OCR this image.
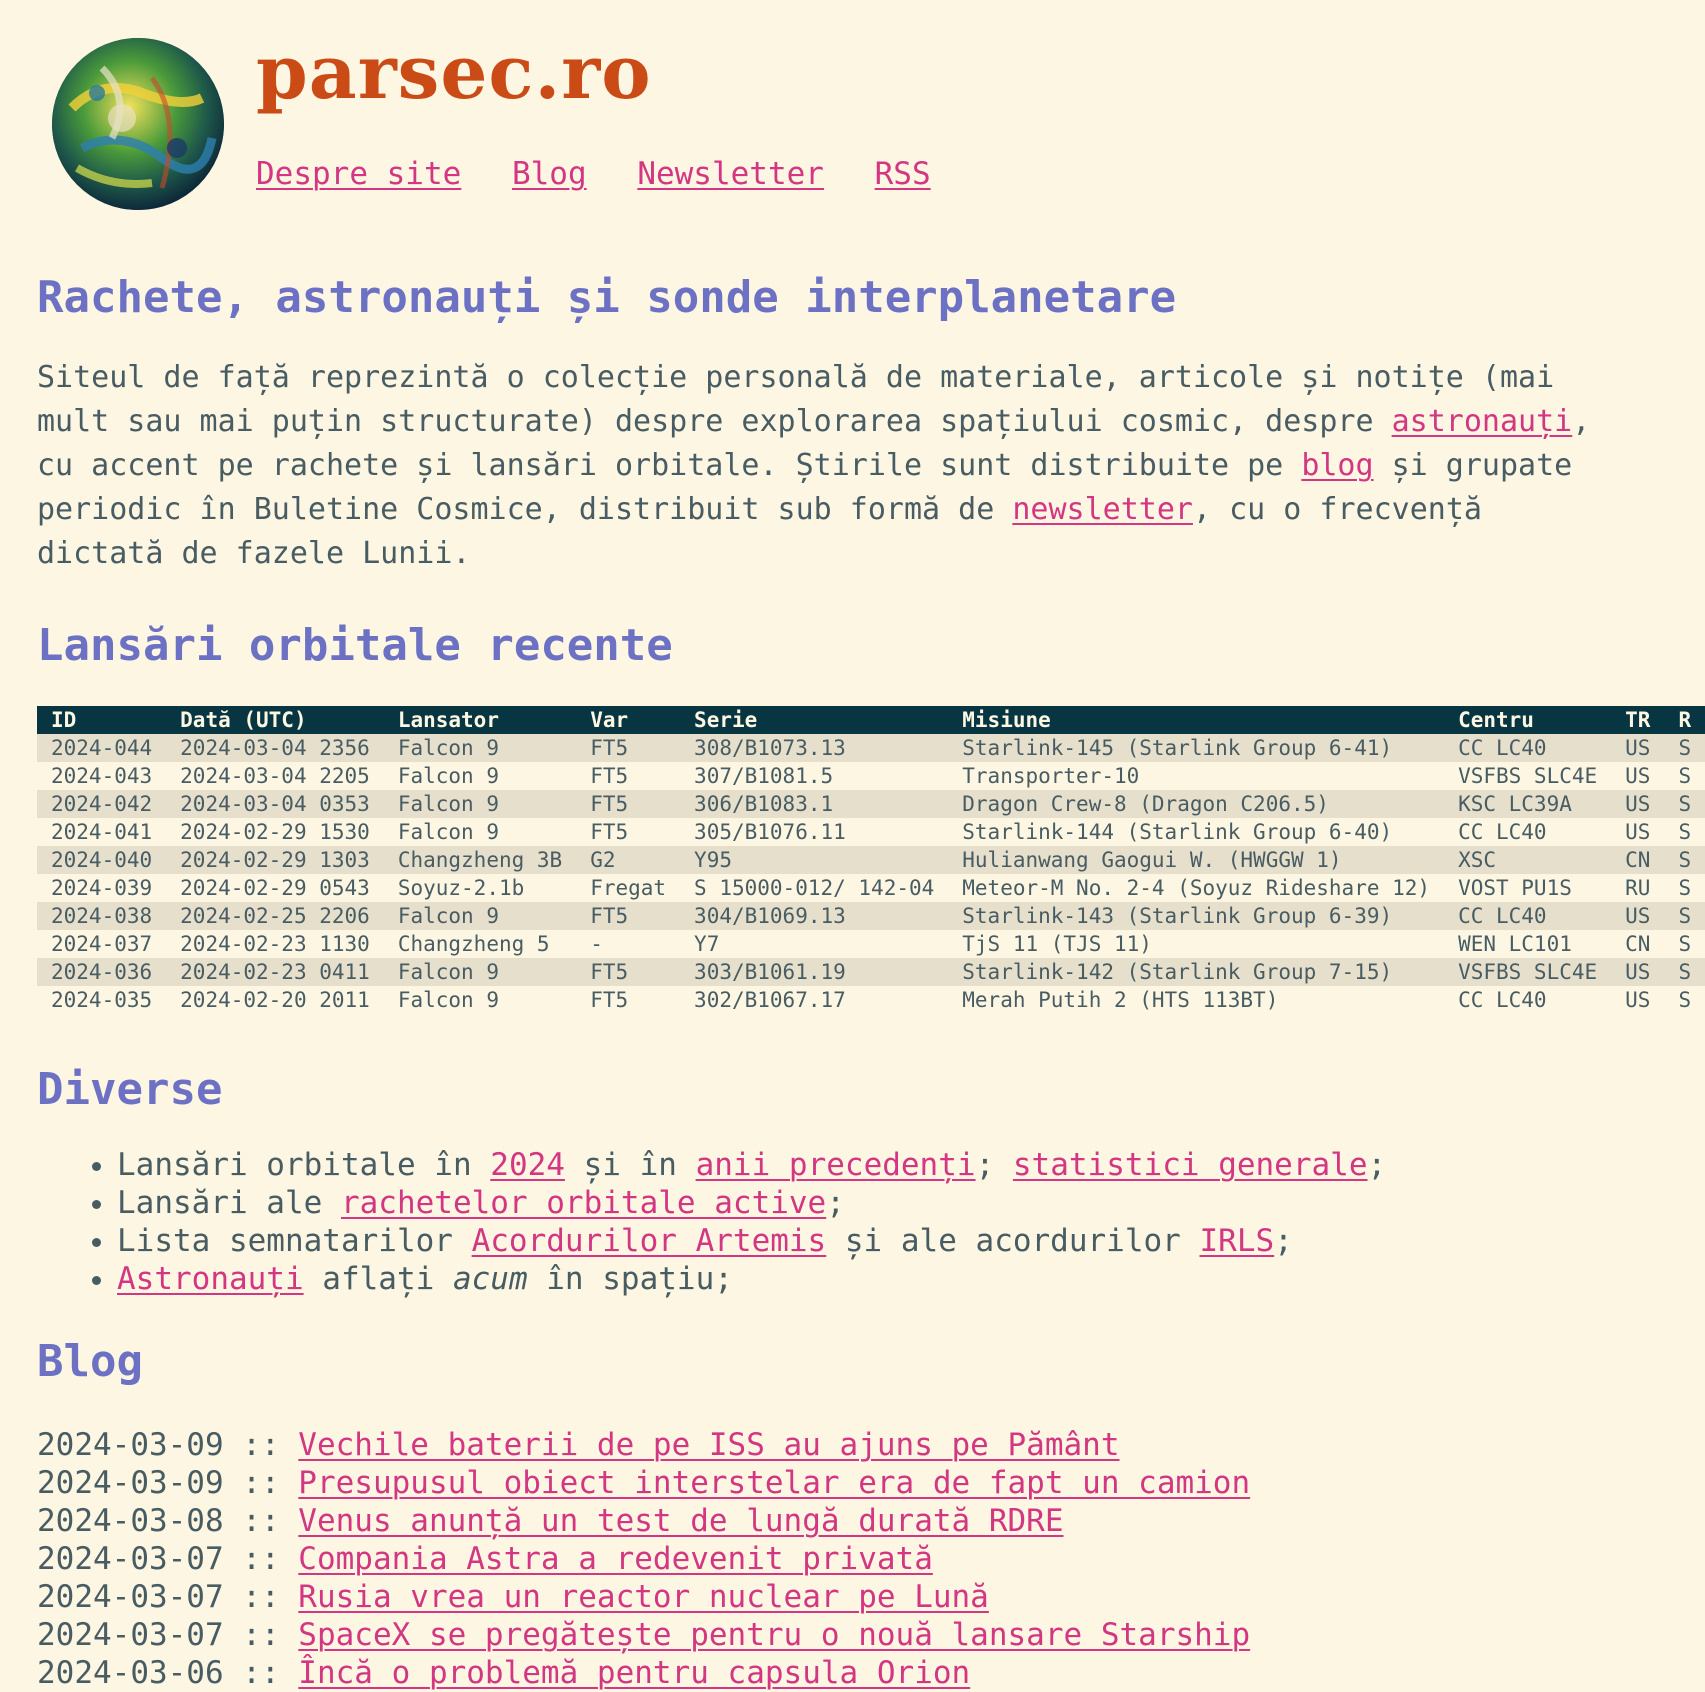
parsec.ro
Despre site Blog Newsletter RSS
Rachete, astronauți și sonde interplanetare

Siteul de față reprezintă o colecție personală de materiale, articole și notițe (mai mult sau mai puțin structurate) despre explorarea spațiului cosmic, despre astronauți, cu accent pe rachete și lansări orbitale. Știrile sunt distribuite pe blog și grupate periodic în Buletine Cosmice, distribuit sub formă de newsletter, cu o frecvență dictată de fazele Lunii.

Lansări orbitale recente
ID	Dată (UTC)	Lansator	Var	Serie	Misiune	Centru	TR	R
2024-044	2024-03-04 2356	Falcon 9	FT5	308/B1073.13	Starlink-145 (Starlink Group 6-41)	CC LC40	US	S
2024-043	2024-03-04 2205	Falcon 9	FT5	307/B1081.5	Transporter-10	VSFBS SLC4E	US	S
2024-042	2024-03-04 0353	Falcon 9	FT5	306/B1083.1	Dragon Crew-8 (Dragon C206.5)	KSC LC39A	US	S
2024-041	2024-02-29 1530	Falcon 9	FT5	305/B1076.11	Starlink-144 (Starlink Group 6-40)	CC LC40	US	S
2024-040	2024-02-29 1303	Changzheng 3B	G2	Y95	Hulianwang Gaogui W. (HWGGW 1)	XSC	CN	S
2024-039	2024-02-29 0543	Soyuz-2.1b	Fregat	S 15000-012/ 142-04	Meteor-M No. 2-4 (Soyuz Rideshare 12)	VOST PU1S	RU	S
2024-038	2024-02-25 2206	Falcon 9	FT5	304/B1069.13	Starlink-143 (Starlink Group 6-39)	CC LC40	US	S
2024-037	2024-02-23 1130	Changzheng 5	-	Y7	TjS 11 (TJS 11)	WEN LC101	CN	S
2024-036	2024-02-23 0411	Falcon 9	FT5	303/B1061.19	Starlink-142 (Starlink Group 7-15)	VSFBS SLC4E	US	S
2024-035	2024-02-20 2011	Falcon 9	FT5	302/B1067.17	Merah Putih 2 (HTS 113BT)	CC LC40	US	S
Diverse
• Lansări orbitale în 2024 și în anii precedenți; statistici generale;
• Lansări ale rachetelor orbitale active;
• Lista semnatarilor Acordurilor Artemis și ale acordurilor IRLS;
• Astronauți aflați acum în spațiu;
Blog
2024-03-09 :: Vechile baterii de pe ISS au ajuns pe Pământ
2024-03-09 :: Presupusul obiect interstelar era de fapt un camion
2024-03-08 :: Venus anunță un test de lungă durată RDRE
2024-03-07 :: Compania Astra a redevenit privată
2024-03-07 :: Rusia vrea un reactor nuclear pe Lună
2024-03-07 :: SpaceX se pregătește pentru o nouă lansare Starship
2024-03-06 :: Încă o problemă pentru capsula Orion
